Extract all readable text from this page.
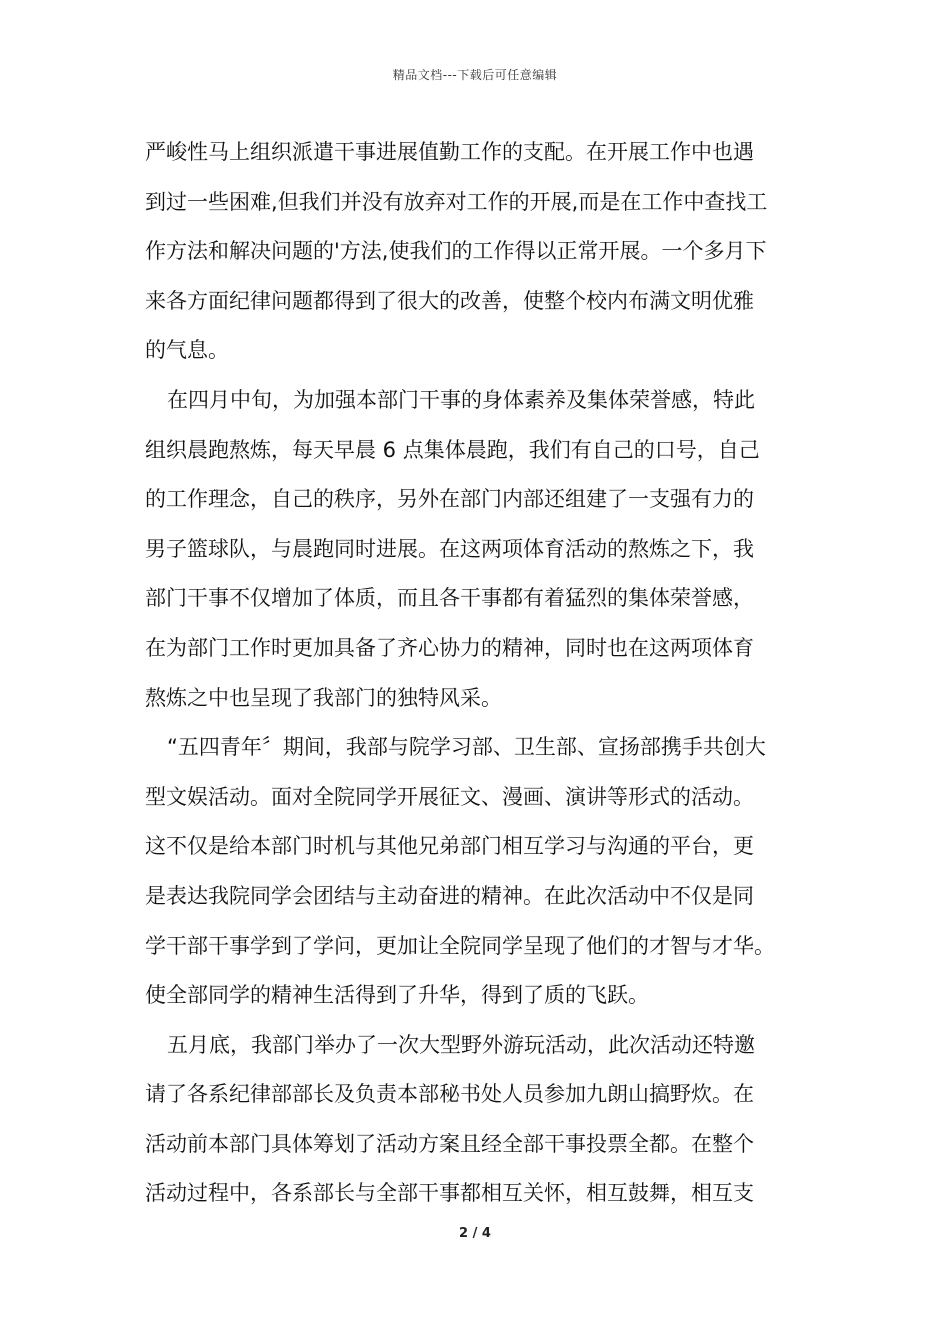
精品文档---下载后可任意编辑
严峻性马上组织派遣干事进展值勤工作的支配。在开展工作中也遇
到过一些困难,但我们并没有放弃对工作的开展,而是在工作中查找工
作方法和解决问题的'方法,使我们的工作得以正常开展。一个多月下
来各方面纪律问题都得到了很大的改善，使整个校内布满文明优雅
的气息。
在四月中旬，为加强本部门干事的身体素养及集体荣誉感，特此
组织晨跑熬炼，每天早晨 6 点集体晨跑，我们有自己的口号，自己
的工作理念，自己的秩序，另外在部门内部还组建了一支强有力的
男子篮球队，与晨跑同时进展。在这两项体育活动的熬炼之下，我
部门干事不仅增加了体质，而且各干事都有着猛烈的集体荣誉感，
在为部门工作时更加具备了齐心协力的精神，同时也在这两项体育
熬炼之中也呈现了我部门的独特风采。
“五四青年〞期间，我部与院学习部、卫生部、宣扬部携手共创大
型文娱活动。面对全院同学开展征文、漫画、演讲等形式的活动。
这不仅是给本部门时机与其他兄弟部门相互学习与沟通的平台，更
是表达我院同学会团结与主动奋进的精神。在此次活动中不仅是同
学干部干事学到了学问，更加让全院同学呈现了他们的才智与才华。
使全部同学的精神生活得到了升华，得到了质的飞跃。
五月底，我部门举办了一次大型野外游玩活动，此次活动还特邀
请了各系纪律部部长及负责本部秘书处人员参加九朗山搞野炊。在
活动前本部门具体筹划了活动方案且经全部干事投票全都。在整个
活动过程中，各系部长与全部干事都相互关怀，相互鼓舞，相互支
2 / 4
